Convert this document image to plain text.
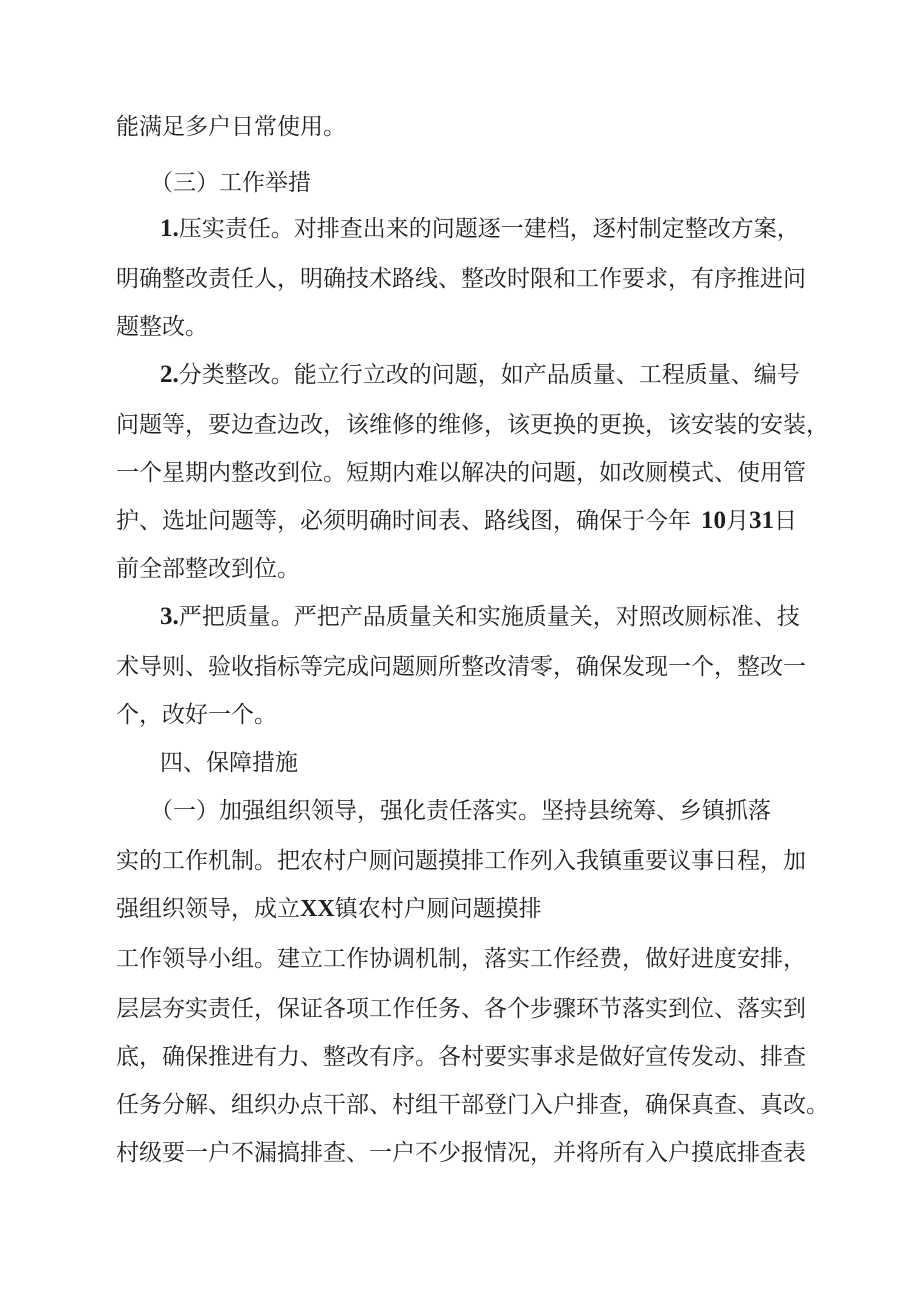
能满足多户日常使用。
（三）工作举措
1.压实责任。对排查出来的问题逐一建档，逐村制定整改方案，
明确整改责任人，明确技术路线、整改时限和工作要求，有序推进问
题整改。
2.分类整改。能立行立改的问题，如产品质量、工程质量、编号
问题等，要边查边改，该维修的维修，该更换的更换，该安装的安装，
一个星期内整改到位。短期内难以解决的问题，如改厕模式、使用管
护、选址问题等，必须明确时间表、路线图，确保于今年 10月31日
前全部整改到位。
3.严把质量。严把产品质量关和实施质量关，对照改厕标准、技
术导则、验收指标等完成问题厕所整改清零，确保发现一个，整改一
个，改好一个。
四、保障措施
（一）加强组织领导，强化责任落实。坚持县统筹、乡镇抓落
实的工作机制。把农村户厕问题摸排工作列入我镇重要议事日程，加
强组织领导，成立XX镇农村户厕问题摸排
工作领导小组。建立工作协调机制，落实工作经费，做好进度安排，
层层夯实责任，保证各项工作任务、各个步骤环节落实到位、落实到
底，确保推进有力、整改有序。各村要实事求是做好宣传发动、排查
任务分解、组织办点干部、村组干部登门入户排查，确保真查、真改。
村级要一户不漏搞排查、一户不少报情况，并将所有入户摸底排查表
